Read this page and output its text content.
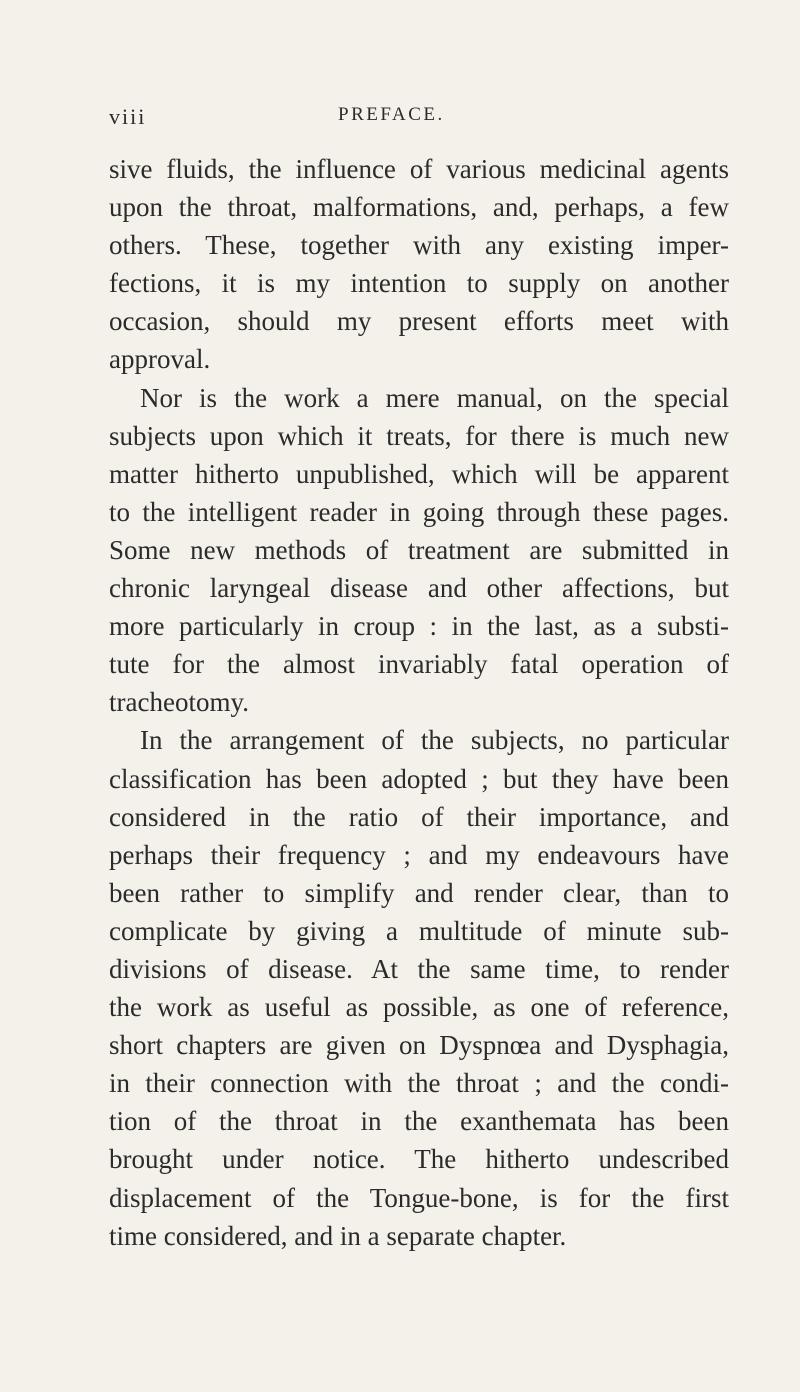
viii	PREFACE.
sive fluids, the influence of various medicinal agents
upon the throat, malformations, and, perhaps, a few
others. These, together with any existing imper-
fections, it is my intention to supply on another
occasion, should my present efforts meet with
approval.
Nor is the work a mere manual, on the special
subjects upon which it treats, for there is much new
matter hitherto unpublished, which will be apparent
to the intelligent reader in going through these pages.
Some new methods of treatment are submitted in
chronic laryngeal disease and other affections, but
more particularly in croup : in the last, as a substi-
tute for the almost invariably fatal operation of
tracheotomy.
In the arrangement of the subjects, no particular
classification has been adopted ; but they have been
considered in the ratio of their importance, and
perhaps their frequency ; and my endeavours have
been rather to simplify and render clear, than to
complicate by giving a multitude of minute sub-
divisions of disease. At the same time, to render
the work as useful as possible, as one of reference,
short chapters are given on Dyspnœa and Dysphagia,
in their connection with the throat ; and the condi-
tion of the throat in the exanthemata has been
brought under notice. The hitherto undescribed
displacement of the Tongue-bone, is for the first
time considered, and in a separate chapter.
